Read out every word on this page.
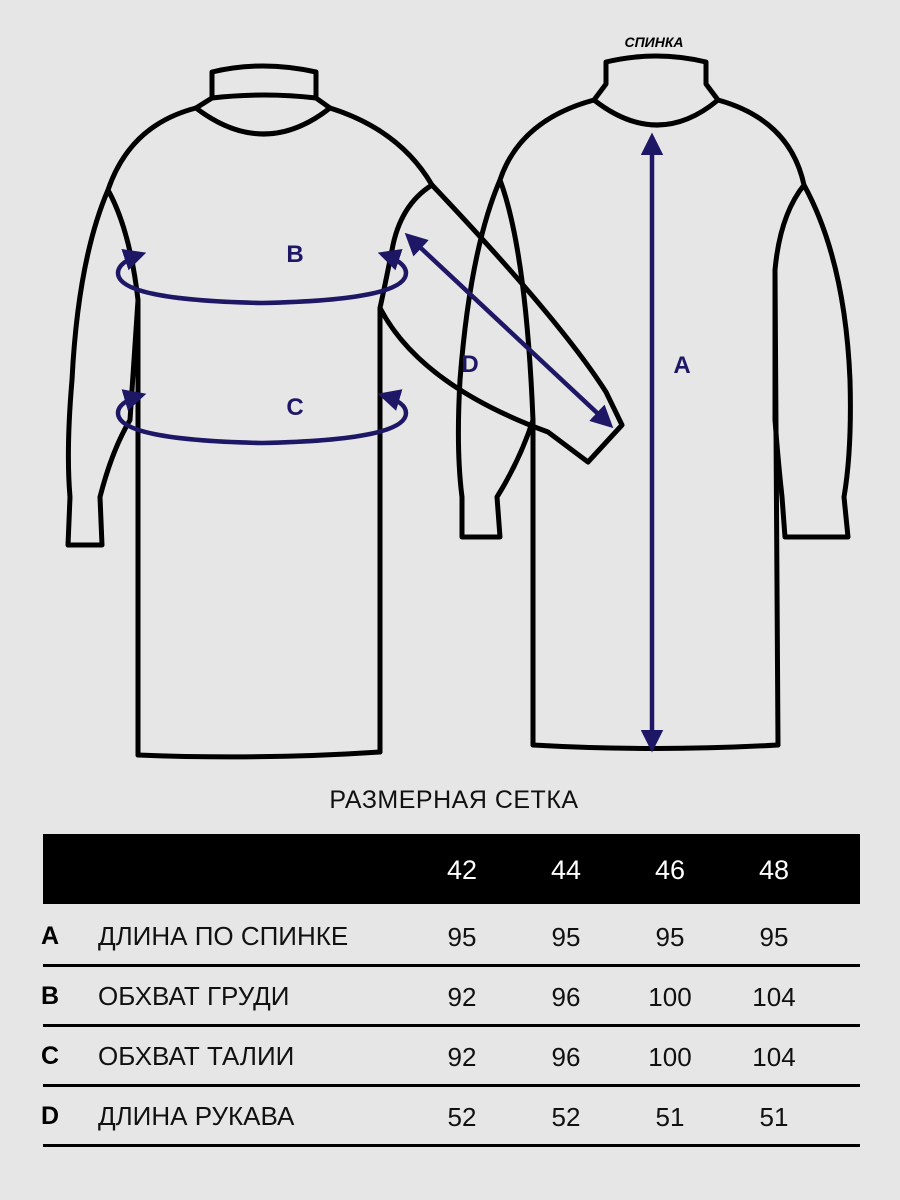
СПИНКА
B
C
D	A
РАЗМЕРНАЯ СЕТКА
42	44	46	48
A ДЛИНА ПО СПИНКЕ	95	95	95	95
B ОБХВАТ ГРУДИ	92	96	100	104
C ОБХВАТ ТАЛИИ	92	96	100	104
D ДЛИНА РУКАВА	52	52	51	51
